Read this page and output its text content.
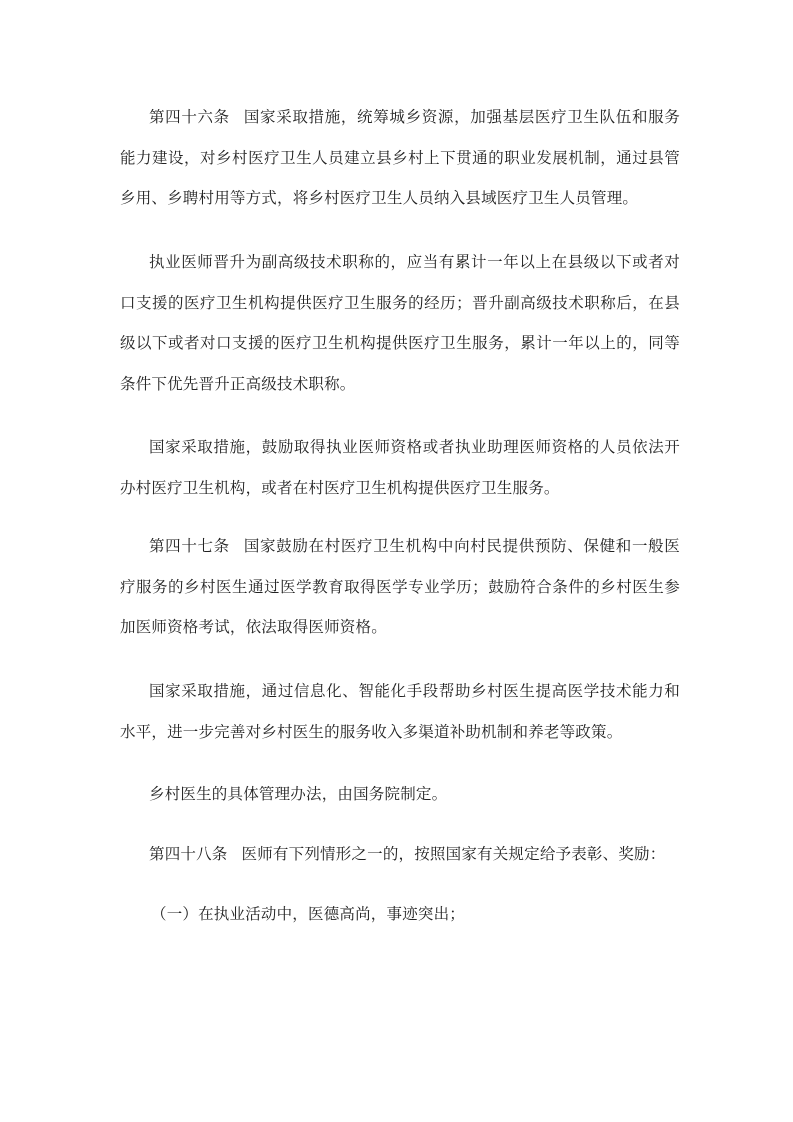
第四十六条 国家采取措施，统筹城乡资源，加强基层医疗卫生队伍和服务能力建设，对乡村医疗卫生人员建立县乡村上下贯通的职业发展机制，通过县管乡用、乡聘村用等方式，将乡村医疗卫生人员纳入县域医疗卫生人员管理。

执业医师晋升为副高级技术职称的，应当有累计一年以上在县级以下或者对口支援的医疗卫生机构提供医疗卫生服务的经历；晋升副高级技术职称后，在县级以下或者对口支援的医疗卫生机构提供医疗卫生服务，累计一年以上的，同等条件下优先晋升正高级技术职称。

国家采取措施，鼓励取得执业医师资格或者执业助理医师资格的人员依法开办村医疗卫生机构，或者在村医疗卫生机构提供医疗卫生服务。

第四十七条 国家鼓励在村医疗卫生机构中向村民提供预防、保健和一般医疗服务的乡村医生通过医学教育取得医学专业学历；鼓励符合条件的乡村医生参加医师资格考试，依法取得医师资格。

国家采取措施，通过信息化、智能化手段帮助乡村医生提高医学技术能力和水平，进一步完善对乡村医生的服务收入多渠道补助机制和养老等政策。

乡村医生的具体管理办法，由国务院制定。

第四十八条 医师有下列情形之一的，按照国家有关规定给予表彰、奖励：

（一）在执业活动中，医德高尚，事迹突出；
